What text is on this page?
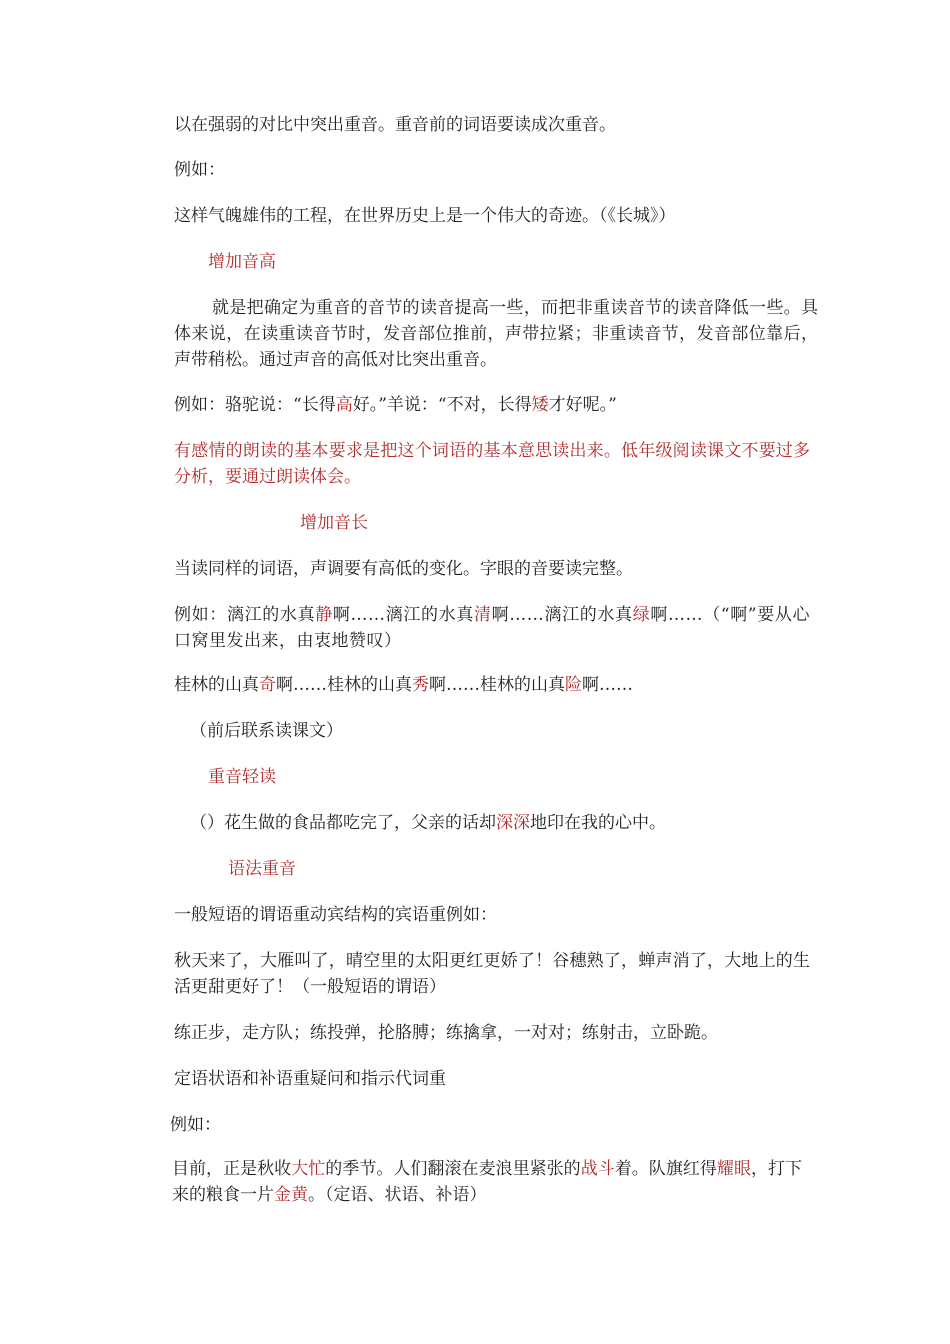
以在强弱的对比中突出重音。重音前的词语要读成次重音。

例如：

这样气魄雄伟的工程，在世界历史上是一个伟大的奇迹。（《长城》）

增加音高

就是把确定为重音的音节的读音提高一些，而把非重读音节的读音降低一些。具体来说，在读重读音节时，发音部位推前，声带拉紧；非重读音节，发音部位靠后，声带稍松。通过声音的高低对比突出重音。

例如：骆驼说：“长得高好。”羊说：“不对，长得矮才好呢。”

有感情的朗读的基本要求是把这个词语的基本意思读出来。低年级阅读课文不要过多分析，要通过朗读体会。

增加音长

当读同样的词语，声调要有高低的变化。字眼的音要读完整。

例如：漓江的水真静啊……漓江的水真清啊……漓江的水真绿啊……（“啊”要从心口窝里发出来，由衷地赞叹）

桂林的山真奇啊……桂林的山真秀啊……桂林的山真险啊……

（前后联系读课文）

重音轻读

（）花生做的食品都吃完了，父亲的话却深深地印在我的心中。

语法重音

一般短语的谓语重动宾结构的宾语重例如：

秋天来了，大雁叫了，晴空里的太阳更红更娇了！谷穗熟了，蝉声消了，大地上的生活更甜更好了！（一般短语的谓语）

练正步，走方队；练投弹，抡胳膊；练擒拿，一对对；练射击，立卧跪。

定语状语和补语重疑问和指示代词重

例如：

目前，正是秋收大忙的季节。人们翻滚在麦浪里紧张的战斗着。队旗红得耀眼，打下来的粮食一片金黄。（定语、状语、补语）
